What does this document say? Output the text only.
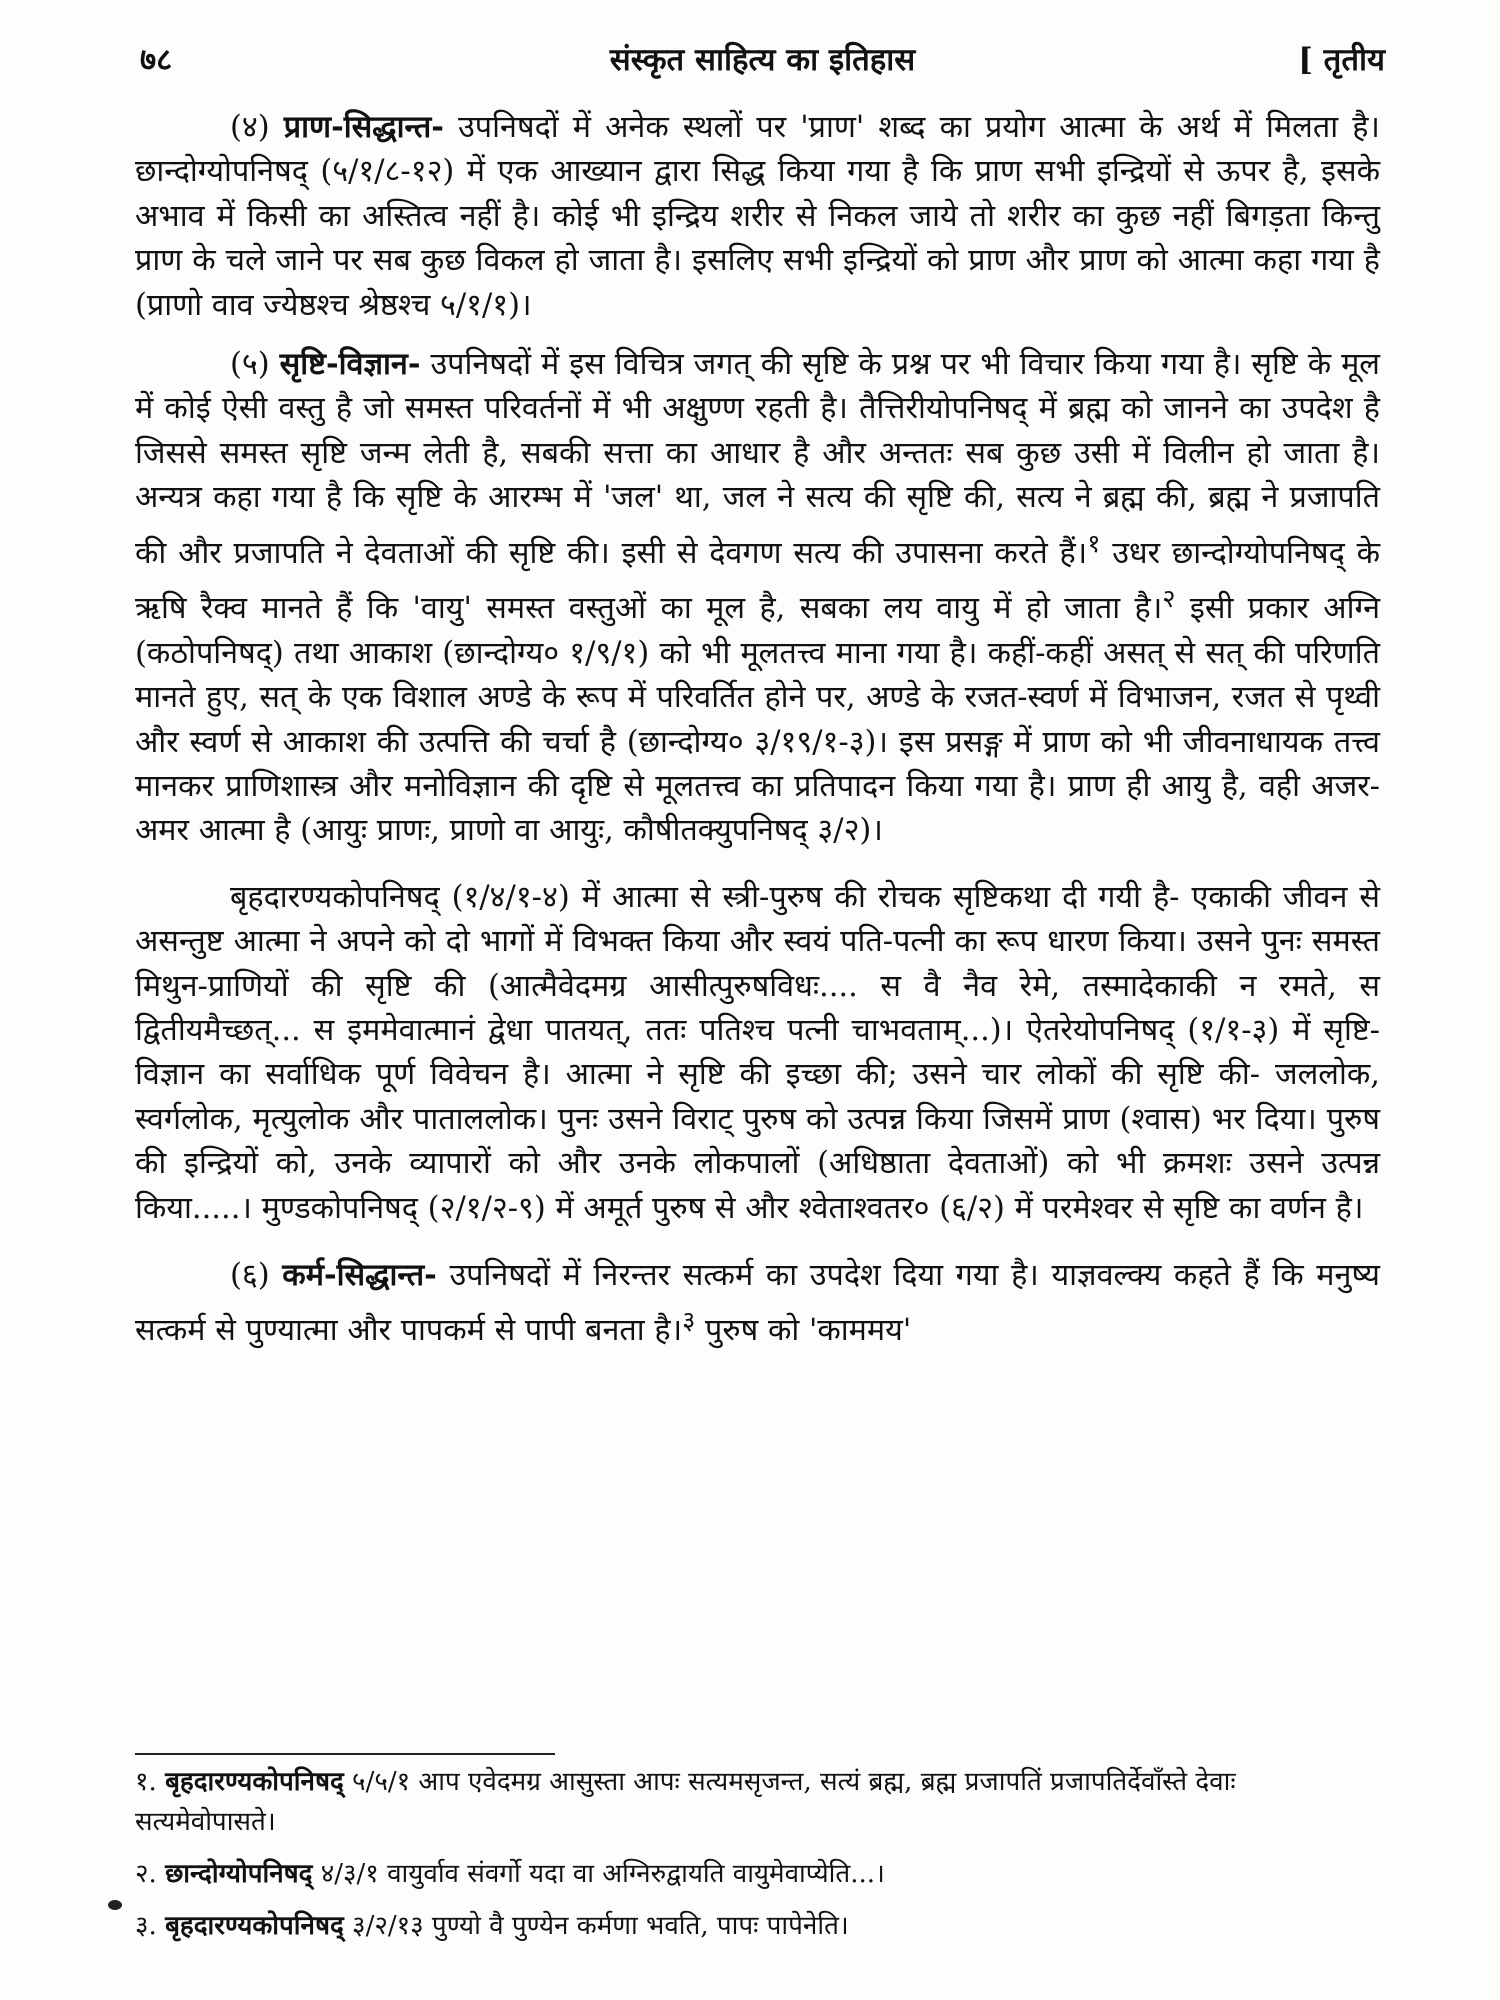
७८	संस्कृत साहित्य का इतिहास	[ तृतीय

(४) प्राण-सिद्धान्त- उपनिषदों में अनेक स्थलों पर 'प्राण' शब्द का प्रयोग आत्मा के अर्थ में मिलता है। छान्दोग्योपनिषद् (५/१/८-१२) में एक आख्यान द्वारा सिद्ध किया गया है कि प्राण सभी इन्द्रियों से ऊपर है, इसके अभाव में किसी का अस्तित्व नहीं है। कोई भी इन्द्रिय शरीर से निकल जाये तो शरीर का कुछ नहीं बिगड़ता किन्तु प्राण के चले जाने पर सब कुछ विकल हो जाता है। इसलिए सभी इन्द्रियों को प्राण और प्राण को आत्मा कहा गया है (प्राणो वाव ज्येष्ठश्च श्रेष्ठश्च ५/१/१)।

(५) सृष्टि-विज्ञान- उपनिषदों में इस विचित्र जगत् की सृष्टि के प्रश्न पर भी विचार किया गया है। सृष्टि के मूल में कोई ऐसी वस्तु है जो समस्त परिवर्तनों में भी अक्षुण्ण रहती है। तैत्तिरीयोपनिषद् में ब्रह्म को जानने का उपदेश है जिससे समस्त सृष्टि जन्म लेती है, सबकी सत्ता का आधार है और अन्ततः सब कुछ उसी में विलीन हो जाता है। अन्यत्र कहा गया है कि सृष्टि के आरम्भ में 'जल' था, जल ने सत्य की सृष्टि की, सत्य ने ब्रह्म की, ब्रह्म ने प्रजापति की और प्रजापति ने देवताओं की सृष्टि की। इसी से देवगण सत्य की उपासना करते हैं।$^१$ उधर छान्दोग्योपनिषद् के ऋषि रैक्व मानते हैं कि 'वायु' समस्त वस्तुओं का मूल है, सबका लय वायु में हो जाता है।$^२$ इसी प्रकार अग्नि (कठोपनिषद्) तथा आकाश (छान्दोग्य० १/९/१) को भी मूलतत्त्व माना गया है। कहीं-कहीं असत् से सत् की परिणति मानते हुए, सत् के एक विशाल अण्डे के रूप में परिवर्तित होने पर, अण्डे के रजत-स्वर्ण में विभाजन, रजत से पृथ्वी और स्वर्ण से आकाश की उत्पत्ति की चर्चा है (छान्दोग्य० ३/१९/१-३)। इस प्रसङ्ग में प्राण को भी जीवनाधायक तत्त्व मानकर प्राणिशास्त्र और मनोविज्ञान की दृष्टि से मूलतत्त्व का प्रतिपादन किया गया है। प्राण ही आयु है, वही अजर-अमर आत्मा है (आयुः प्राणः, प्राणो वा आयुः, कौषीतक्युपनिषद् ३/२)।

बृहदारण्यकोपनिषद् (१/४/१-४) में आत्मा से स्त्री-पुरुष की रोचक सृष्टिकथा दी गयी है- एकाकी जीवन से असन्तुष्ट आत्मा ने अपने को दो भागों में विभक्त किया और स्वयं पति-पत्नी का रूप धारण किया। उसने पुनः समस्त मिथुन-प्राणियों की सृष्टि की (आत्मैवेदमग्र आसीत्पुरुषविधः.... स वै नैव रेमे, तस्मादेकाकी न रमते, स द्वितीयमैच्छत्... स इममेवात्मानं द्वेधा पातयत्, ततः पतिश्च पत्नी चाभवताम्...)। ऐतरेयोपनिषद् (१/१-३) में सृष्टि-विज्ञान का सर्वाधिक पूर्ण विवेचन है। आत्मा ने सृष्टि की इच्छा की; उसने चार लोकों की सृष्टि की- जललोक, स्वर्गलोक, मृत्युलोक और पाताललोक। पुनः उसने विराट् पुरुष को उत्पन्न किया जिसमें प्राण (श्वास) भर दिया। पुरुष की इन्द्रियों को, उनके व्यापारों को और उनके लोकपालों (अधिष्ठाता देवताओं) को भी क्रमशः उसने उत्पन्न किया.....। मुण्डकोपनिषद् (२/१/२-९) में अमूर्त पुरुष से और श्वेताश्वतर० (६/२) में परमेश्वर से सृष्टि का वर्णन है।

(६) कर्म-सिद्धान्त- उपनिषदों में निरन्तर सत्कर्म का उपदेश दिया गया है। याज्ञवल्क्य कहते हैं कि मनुष्य सत्कर्म से पुण्यात्मा और पापकर्म से पापी बनता है।$^३$ पुरुष को 'काममय'

१. बृहदारण्यकोपनिषद् ५/५/१ आप एवेदमग्र आसुस्ता आपः सत्यमसृजन्त, सत्यं ब्रह्म, ब्रह्म प्रजापतिं प्रजापतिर्देवाँस्ते देवाः सत्यमेवोपासते।

२. छान्दोग्योपनिषद् ४/३/१ वायुर्वाव संवर्गो यदा वा अग्निरुद्वायति वायुमेवाप्येति...।

३. बृहदारण्यकोपनिषद् ३/२/१३ पुण्यो वै पुण्येन कर्मणा भवति, पापः पापेनेति।
